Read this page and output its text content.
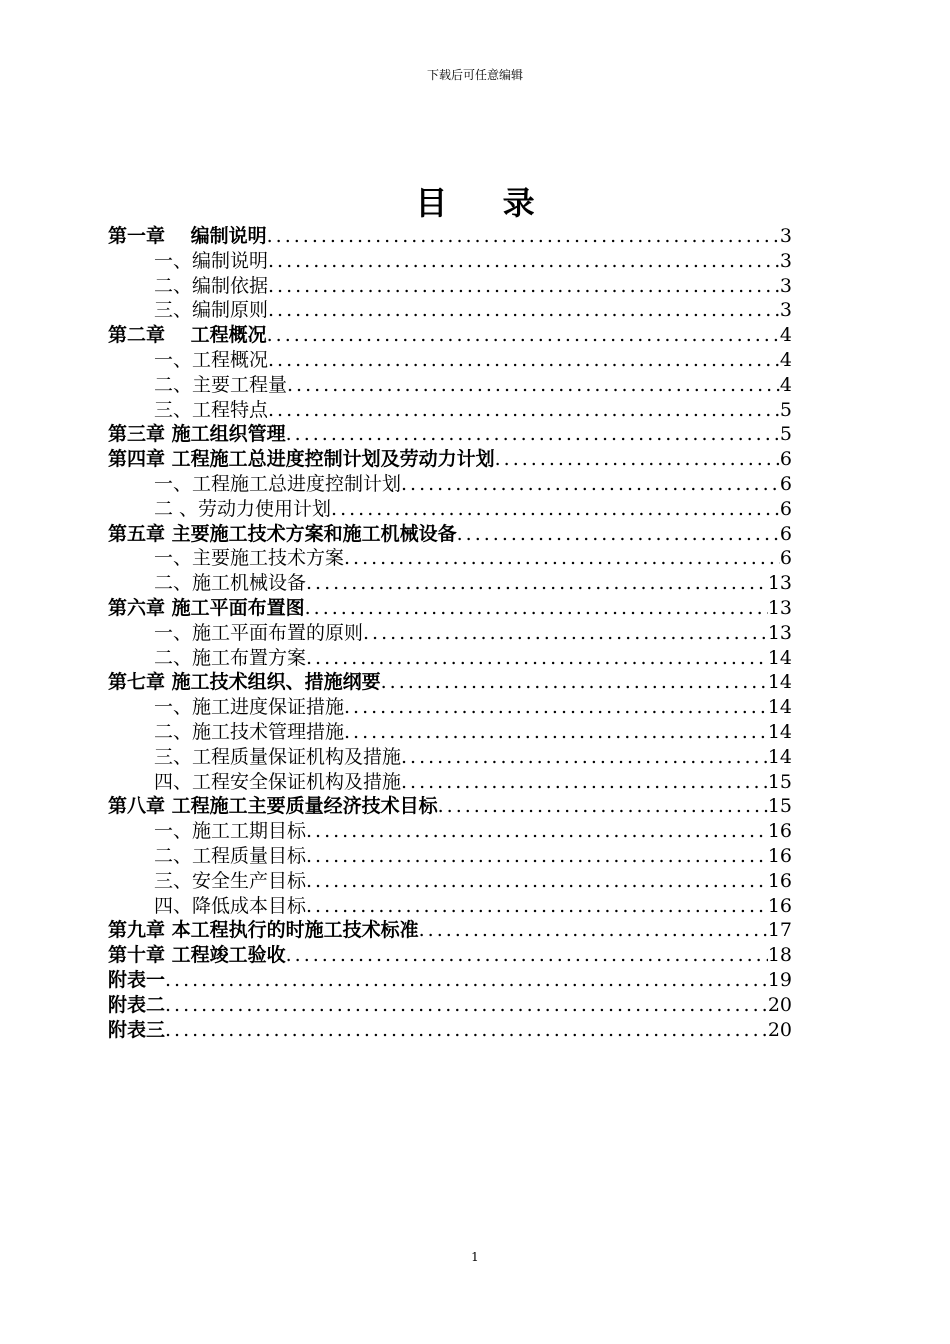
下载后可任意编辑
目 录
第一章　 编制说明 .....	3
一、编制说明 .....	3
二、编制依据 .....	3
三、编制原则 .....	3
第二章　 工程概况 .....	4
一、工程概况 .....	4
二、主要工程量 .....	4
三、工程特点 .....	5
第三章 施工组织管理 .....	5
第四章 工程施工总进度控制计划及劳动力计划 .....	6
一、工程施工总进度控制计划 .....	6
二 、劳动力使用计划 .....	6
第五章 主要施工技术方案和施工机械设备 .....	6
一、主要施工技术方案 .....	6
二、施工机械设备 .....	13
第六章 施工平面布置图 .....	13
一、施工平面布置的原则 .....	13
二、施工布置方案 .....	14
第七章 施工技术组织、措施纲要 .....	14
一、施工进度保证措施 .....	14
二、施工技术管理措施 .....	14
三、工程质量保证机构及措施 .....	14
四、工程安全保证机构及措施 .....	15
第八章 工程施工主要质量经济技术目标 .....	15
一、施工工期目标 .....	16
二、工程质量目标 .....	16
三、安全生产目标 .....	16
四、降低成本目标 .....	16
第九章 本工程执行的时施工技术标准 .....	17
第十章 工程竣工验收 .....	18
附表一 .....	19
附表二 .....	20
附表三 .....	20
1
